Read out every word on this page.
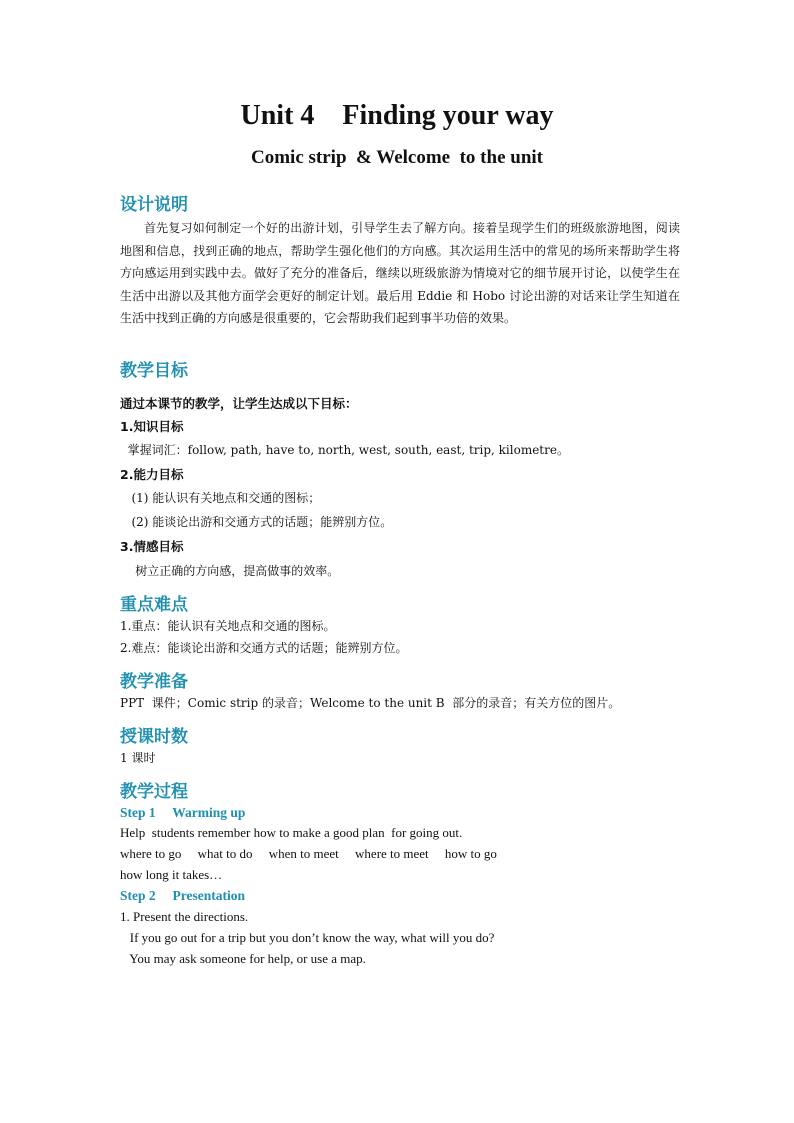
Unit 4    Finding your way
Comic strip  & Welcome  to the unit
设计说明
首先复习如何制定一个好的出游计划，引导学生去了解方向。接着呈现学生们的班级旅游地图，阅读地图和信息，找到正确的地点，帮助学生强化他们的方向感。其次运用生活中的常见的场所来帮助学生将方向感运用到实践中去。做好了充分的准备后，继续以班级旅游为情境对它的细节展开讨论，以使学生在生活中出游以及其他方面学会更好的制定计划。最后用 Eddie 和 Hobo 讨论出游的对话来让学生知道在生活中找到正确的方向感是很重要的，它会帮助我们起到事半功倍的效果。
教学目标
通过本课节的教学，让学生达成以下目标：
1.知识目标
掌握词汇：follow, path, have to, north, west, south, east, trip, kilometre。
2.能力目标
(1) 能认识有关地点和交通的图标；
(2) 能谈论出游和交通方式的话题；能辨别方位。
3.情感目标
树立正确的方向感，提高做事的效率。
重点难点
1.重点：能认识有关地点和交通的图标。
2.难点：能谈论出游和交通方式的话题；能辨别方位。
教学准备
PPT  课件；Comic strip 的录音；Welcome to the unit B  部分的录音；有关方位的图片。
授课时数
1 课时
教学过程
Step 1     Warming up
Help  students remember how to make a good plan  for going out.
where to go     what to do     when to meet     where to meet     how to go
how long it takes…
Step 2     Presentation
1. Present the directions.
If you go out for a trip but you don’t know the way, what will you do?
You may ask someone for help, or use a map.
